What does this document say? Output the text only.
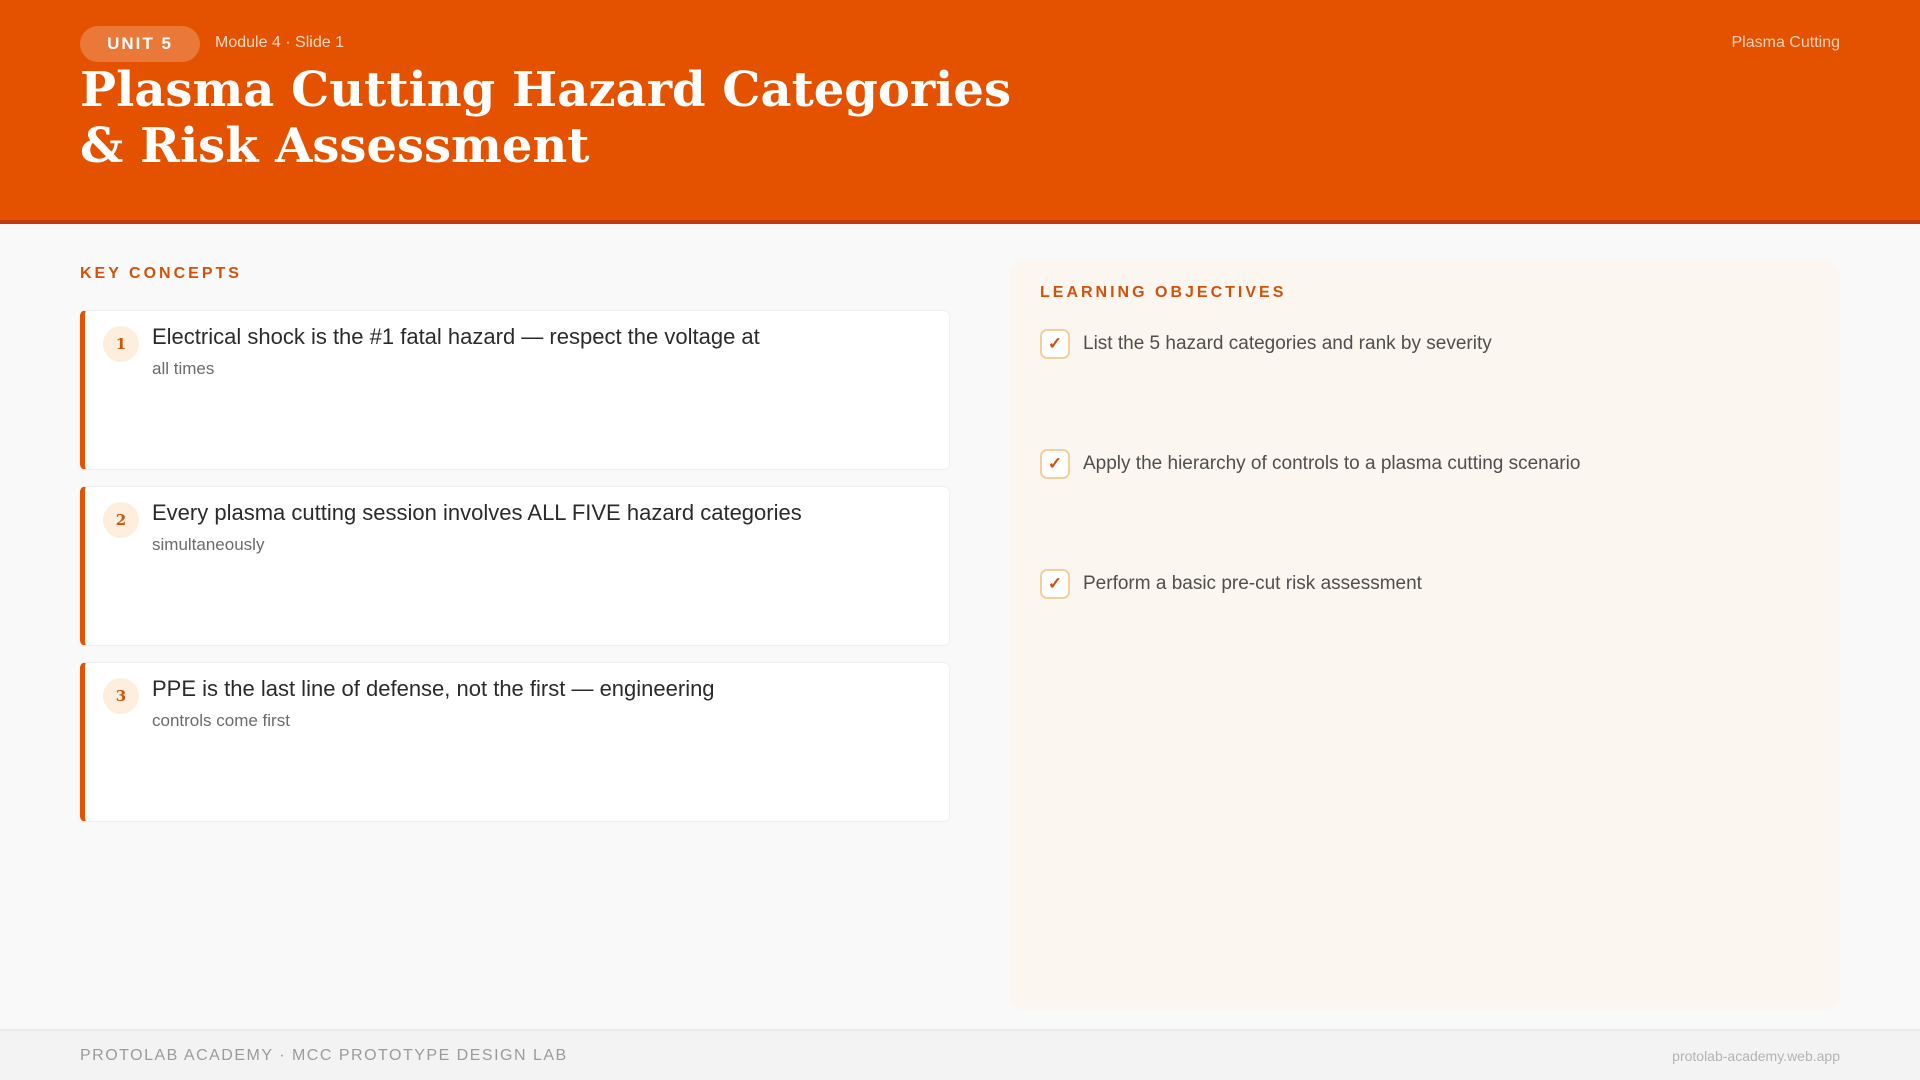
UNIT 5	Module 4 · Slide 1	Plasma Cutting
Plasma Cutting Hazard Categories & Risk Assessment
KEY CONCEPTS
1	Electrical shock is the #1 fatal hazard — respect the voltage at
all times
2	Every plasma cutting session involves ALL FIVE hazard categories
simultaneously
3	PPE is the last line of defense, not the first — engineering
controls come first
LEARNING OBJECTIVES
✓	List the 5 hazard categories and rank by severity
✓	Apply the hierarchy of controls to a plasma cutting scenario
✓	Perform a basic pre-cut risk assessment
PROTOLAB ACADEMY · MCC PROTOTYPE DESIGN LAB	protolab-academy.web.app
